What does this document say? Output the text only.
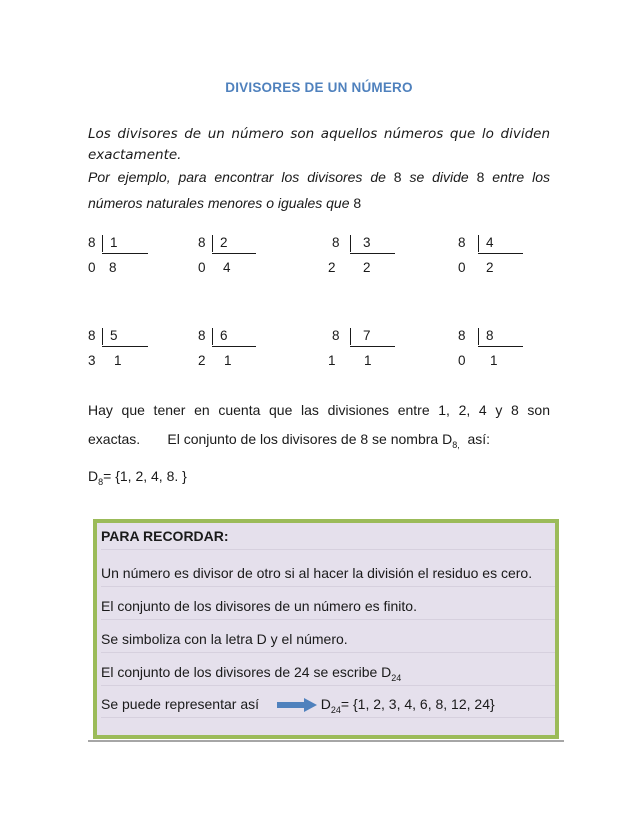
DIVISORES DE UN NÚMERO
Los divisores de un número son aquellos números que lo dividen exactamente.
Por ejemplo, para encontrar los divisores de 8 se divide 8 entre los números naturales menores o iguales que 8
8 1
0 8
8 2
0 4
8 3
2 2
8 4
0 2
8 5
3 1
8 6
2 1
8 7
1 1
8 8
0 1
Hay que tener en cuenta que las divisiones entre 1, 2, 4 y 8 son exactas. El conjunto de los divisores de 8 se nombra $D_{8,}$ así:
$D_8= \{1$, 2, 4, 8. }
PARA RECORDAR:
Un número es divisor de otro si al hacer la división el residuo es cero.
El conjunto de los divisores de un número es finito.
Se simboliza con la letra D y el número.
El conjunto de los divisores de 24 se escribe $D_{24}$
Se puede representar así	$D_{24}= \{1$, 2, 3, 4, 6, 8, 12, 24}
